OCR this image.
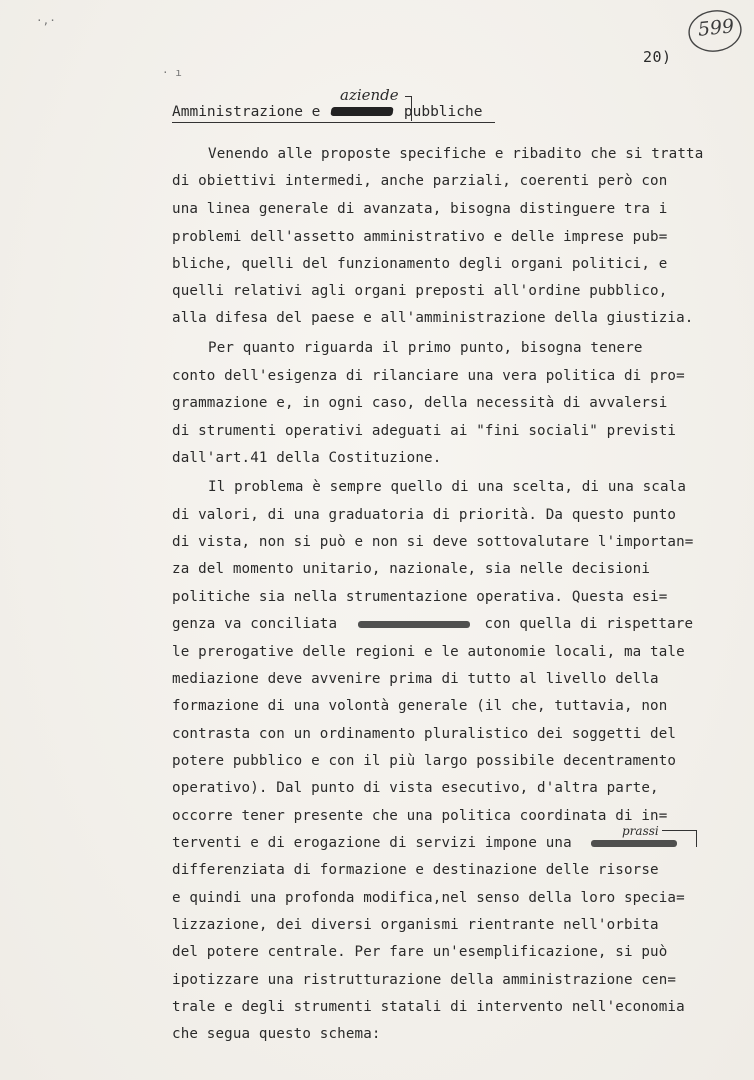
·,·
· ı
599
20)
aziende
Amministrazione e	pubbliche
Venendo alle proposte specifiche e ribadito che si tratta
di obiettivi intermedi, anche parziali, coerenti però con
una linea generale di avanzata, bisogna distinguere tra i
problemi dell'assetto amministrativo e delle imprese pub=
bliche, quelli del funzionamento degli organi politici, e
quelli relativi agli organi preposti all'ordine pubblico,
alla difesa del paese e all'amministrazione della giustizia.
Per quanto riguarda il primo punto, bisogna tenere
conto dell'esigenza di rilanciare una vera politica di pro=
grammazione e, in ogni caso, della necessità di avvalersi
di strumenti operativi adeguati ai "fini sociali" previsti
dall'art.41 della Costituzione.
Il problema è sempre quello di una scelta, di una scala
di valori, di una graduatoria di priorità. Da questo punto
di vista, non si può e non si deve sottovalutare l'importan=
za del momento unitario, nazionale, sia nelle decisioni
politiche sia nella strumentazione operativa. Questa esi=
genza va conciliata	con quella di rispettare
le prerogative delle regioni e le autonomie locali, ma tale
mediazione deve avvenire prima di tutto al livello della
formazione di una volontà generale (il che, tuttavia, non
contrasta con un ordinamento pluralistico dei soggetti del
potere pubblico e con il più largo possibile decentramento
operativo). Dal punto di vista esecutivo, d'altra parte,
occorre tener presente che una politica coordinata di in=
prassi
terventi e di erogazione di servizi impone una
differenziata di formazione e destinazione delle risorse
e quindi una profonda modifica,nel senso della loro specia=
lizzazione, dei diversi organismi rientrante nell'orbita
del potere centrale. Per fare un'esemplificazione, si può
ipotizzare una ristrutturazione della amministrazione cen=
trale e degli strumenti statali di intervento nell'economia
che segua questo schema:
